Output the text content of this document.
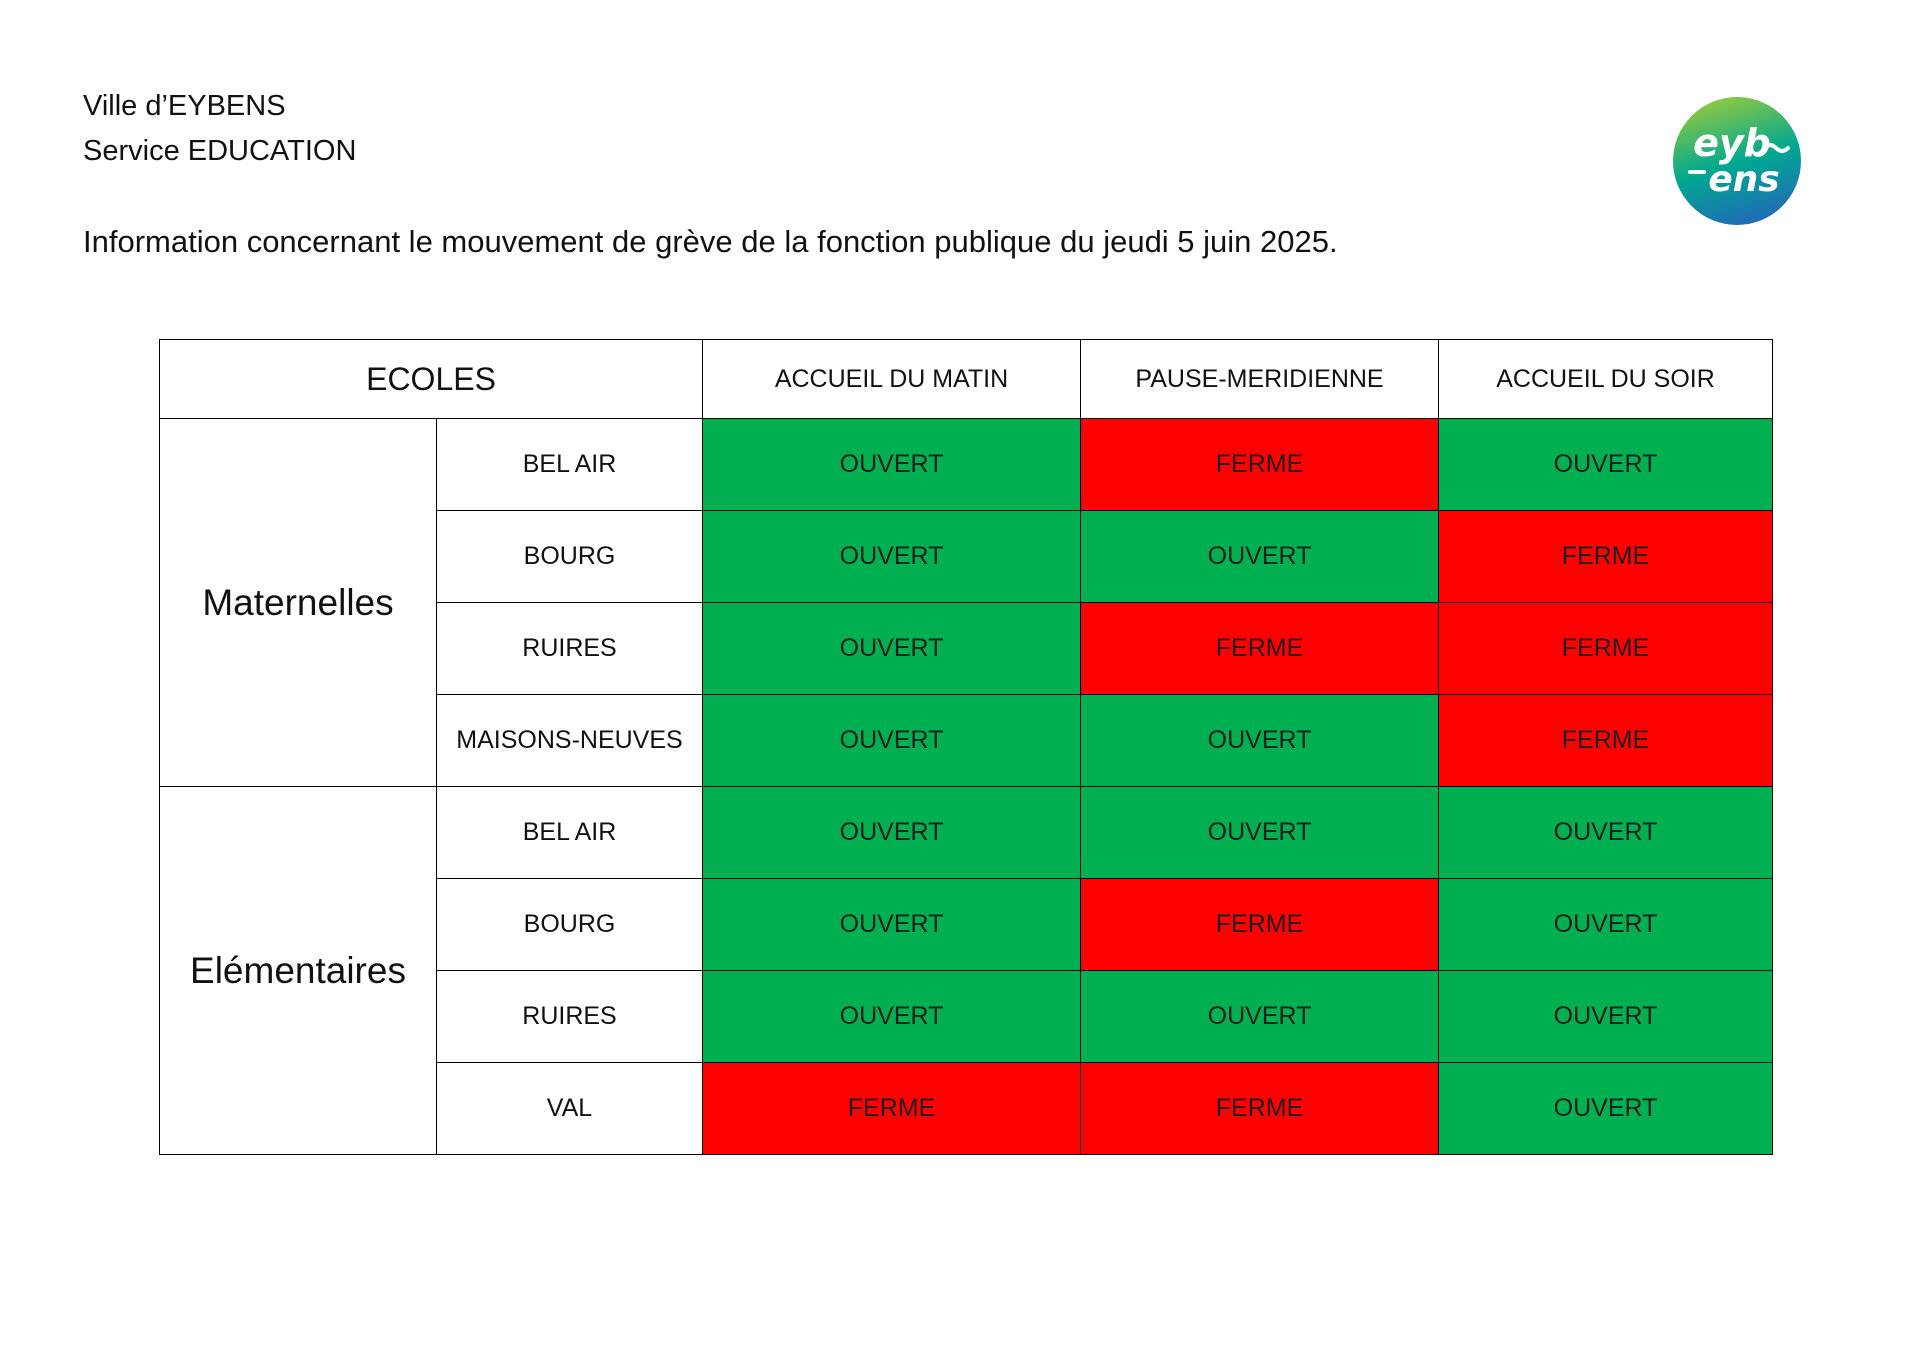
Ville d’EYBENS
Service EDUCATION	eyb
ens
Information concernant le mouvement de grève de la fonction publique du jeudi 5 juin 2025.
ECOLES		ACCUEIL DU MATIN	PAUSE-MERIDIENNE	ACCUEIL DU SOIR
Maternelles	BEL AIR	OUVERT	FERME	OUVERT
	BOURG	OUVERT	OUVERT	FERME
	RUIRES	OUVERT	FERME	FERME
	MAISONS-NEUVES	OUVERT	OUVERT	FERME
Elémentaires	BEL AIR	OUVERT	OUVERT	OUVERT
	BOURG	OUVERT	FERME	OUVERT
	RUIRES	OUVERT	OUVERT	OUVERT
	VAL	FERME	FERME	OUVERT
